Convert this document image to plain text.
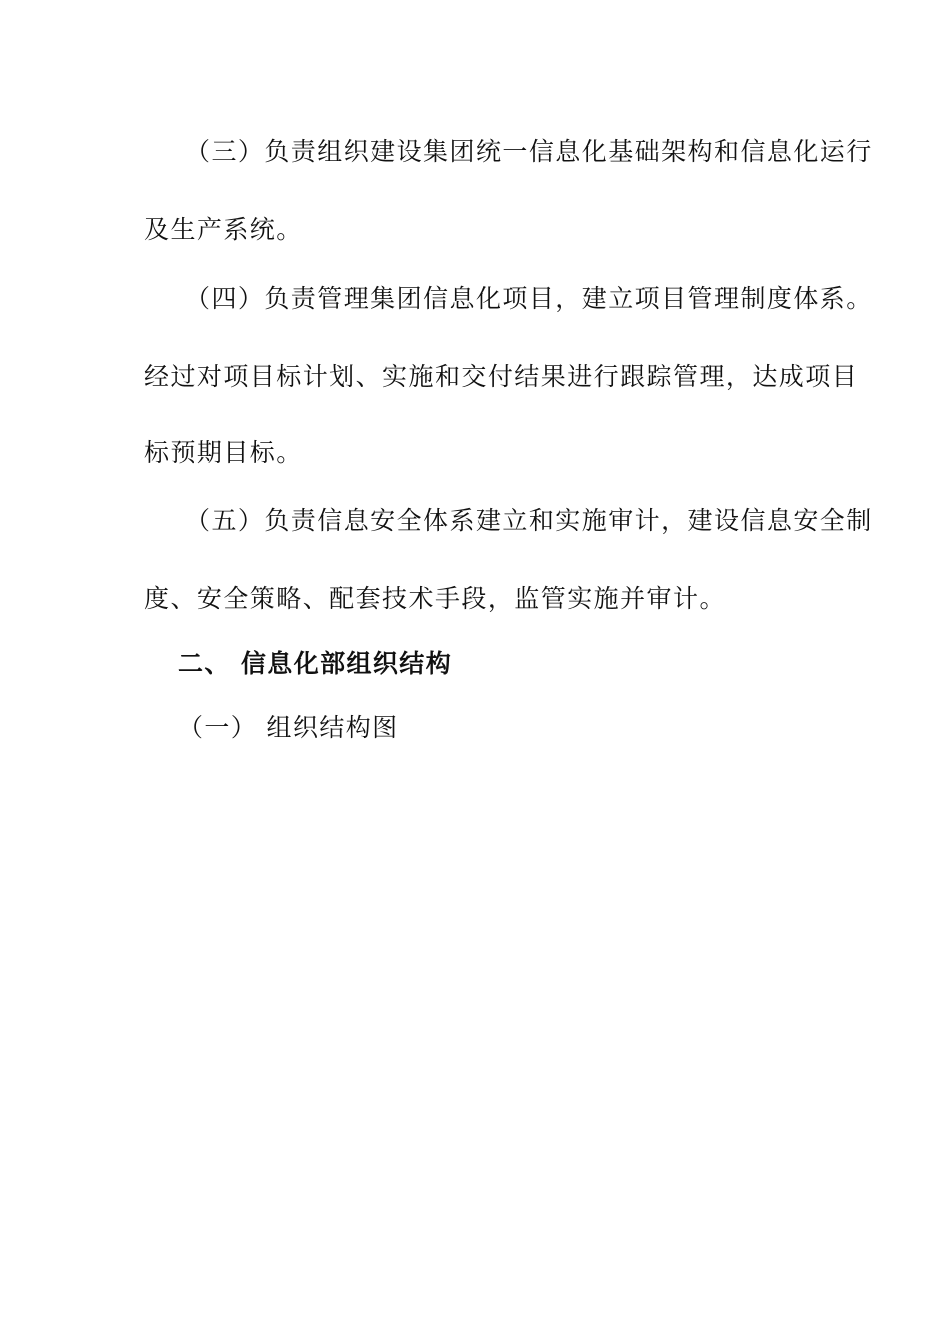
（三）负责组织建设集团统一信息化基础架构和信息化运行
及生产系统。
（四）负责管理集团信息化项目，建立项目管理制度体系。
经过对项目标计划、实施和交付结果进行跟踪管理，达成项目
标预期目标。
（五）负责信息安全体系建立和实施审计，建设信息安全制
度、安全策略、配套技术手段，监管实施并审计。
二、 信息化部组织结构
（一） 组织结构图
